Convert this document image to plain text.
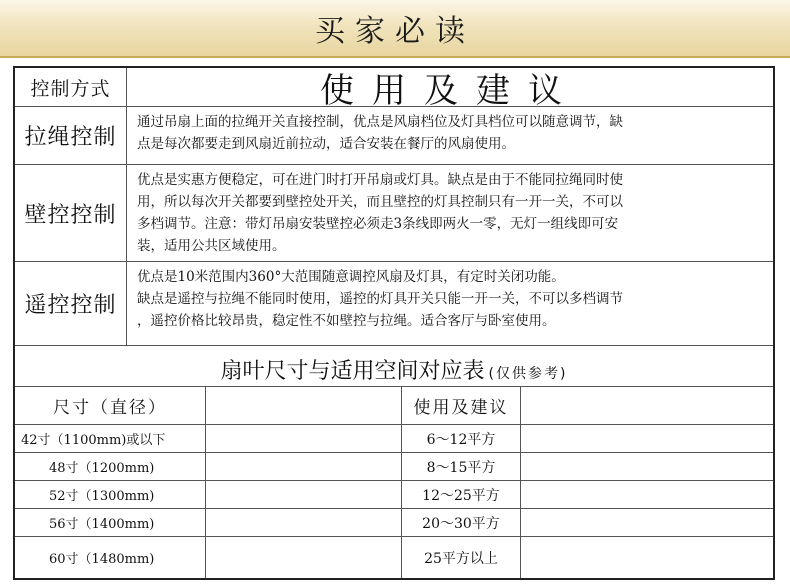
买家必读
控制方式	使用及建议
拉绳控制
通过吊扇上面的拉绳开关直接控制，优点是风扇档位及灯具档位可以随意调节，缺
点是每次都要走到风扇近前拉动，适合安装在餐厅的风扇使用。
壁控控制
优点是实惠方便稳定，可在进门时打开吊扇或灯具。缺点是由于不能同拉绳同时使
用，所以每次开关都要到壁控处开关，而且壁控的灯具控制只有一开一关，不可以
多档调节。注意：带灯吊扇安装壁控必须走3条线即两火一零，无灯一组线即可安
装，适用公共区域使用。
遥控控制
优点是10米范围内360°大范围随意调控风扇及灯具，有定时关闭功能。
缺点是遥控与拉绳不能同时使用，遥控的灯具开关只能一开一关，不可以多档调节
，遥控价格比较昂贵，稳定性不如壁控与拉绳。适合客厅与卧室使用。
扇叶尺寸与适用空间对应表 (仅供参考)
尺寸（直径）	使用及建议
42寸（1100mm)或以下	6～12平方
48寸（1200mm)	8～15平方
52寸（1300mm)	12～25平方
56寸（1400mm)	20～30平方
60寸（1480mm)	25平方以上
